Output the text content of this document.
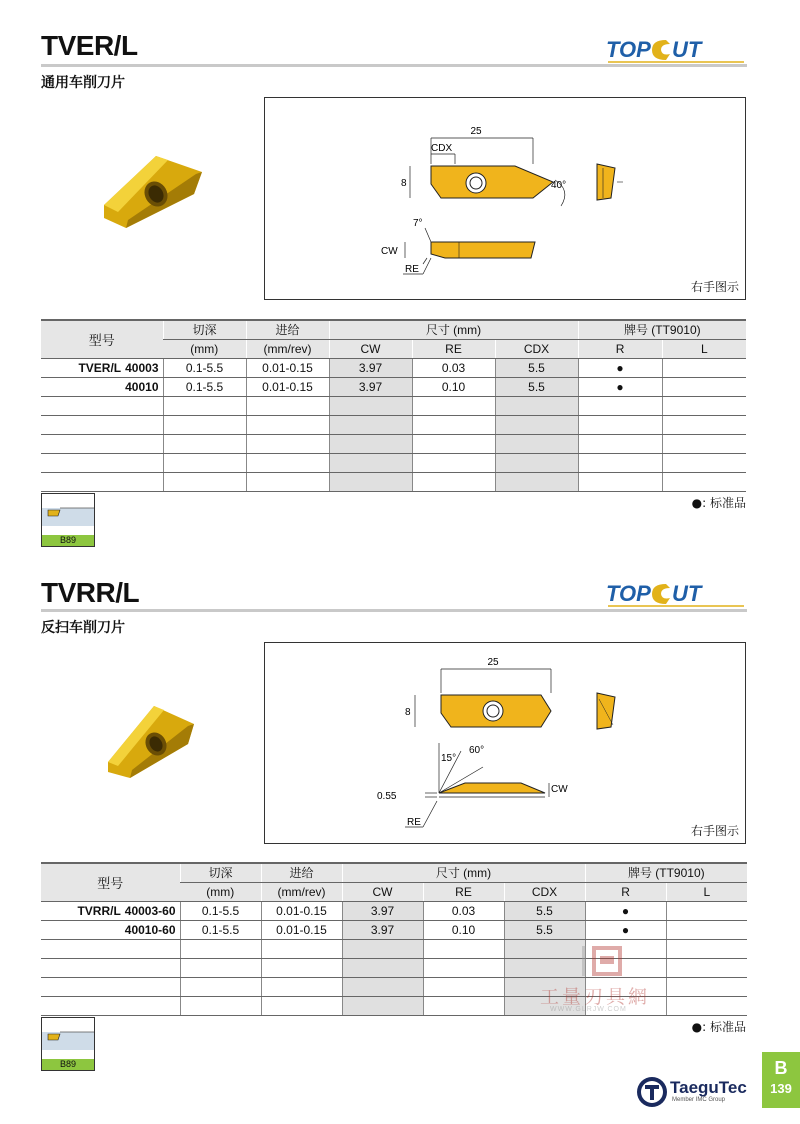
TVER/L	TOP UT
通用车削刀片
25
CDX
8	40°
7°
CW
RE
右手图示
型号	切深	进给	尺寸 (mm)			牌号 (TT9010)	
	(mm)	(mm/rev)	CW	RE	CDX	R	L
TVER/L 40003	0.1-5.5	0.01-0.15	3.97	0.03	5.5	●	
40010	0.1-5.5	0.01-0.15	3.97	0.10	5.5	●	

B89
●: 标准品
TVRR/L	TOP UT
反扫车削刀片
25
8
15°
60°
0.55
CW
RE
右手图示
型号	切深	进给	尺寸 (mm)			牌号 (TT9010)	
	(mm)	(mm/rev)	CW	RE	CDX	R	L
TVRR/L 40003-60	0.1-5.5	0.01-0.15	3.97	0.03	5.5	●	
40010-60	0.1-5.5	0.01-0.15	3.97	0.10	5.5	●	

工量刃具網
WWW.GLRJW.COM
B89
●: 标准品
TaeguTec
Member IMC Group
B
139
